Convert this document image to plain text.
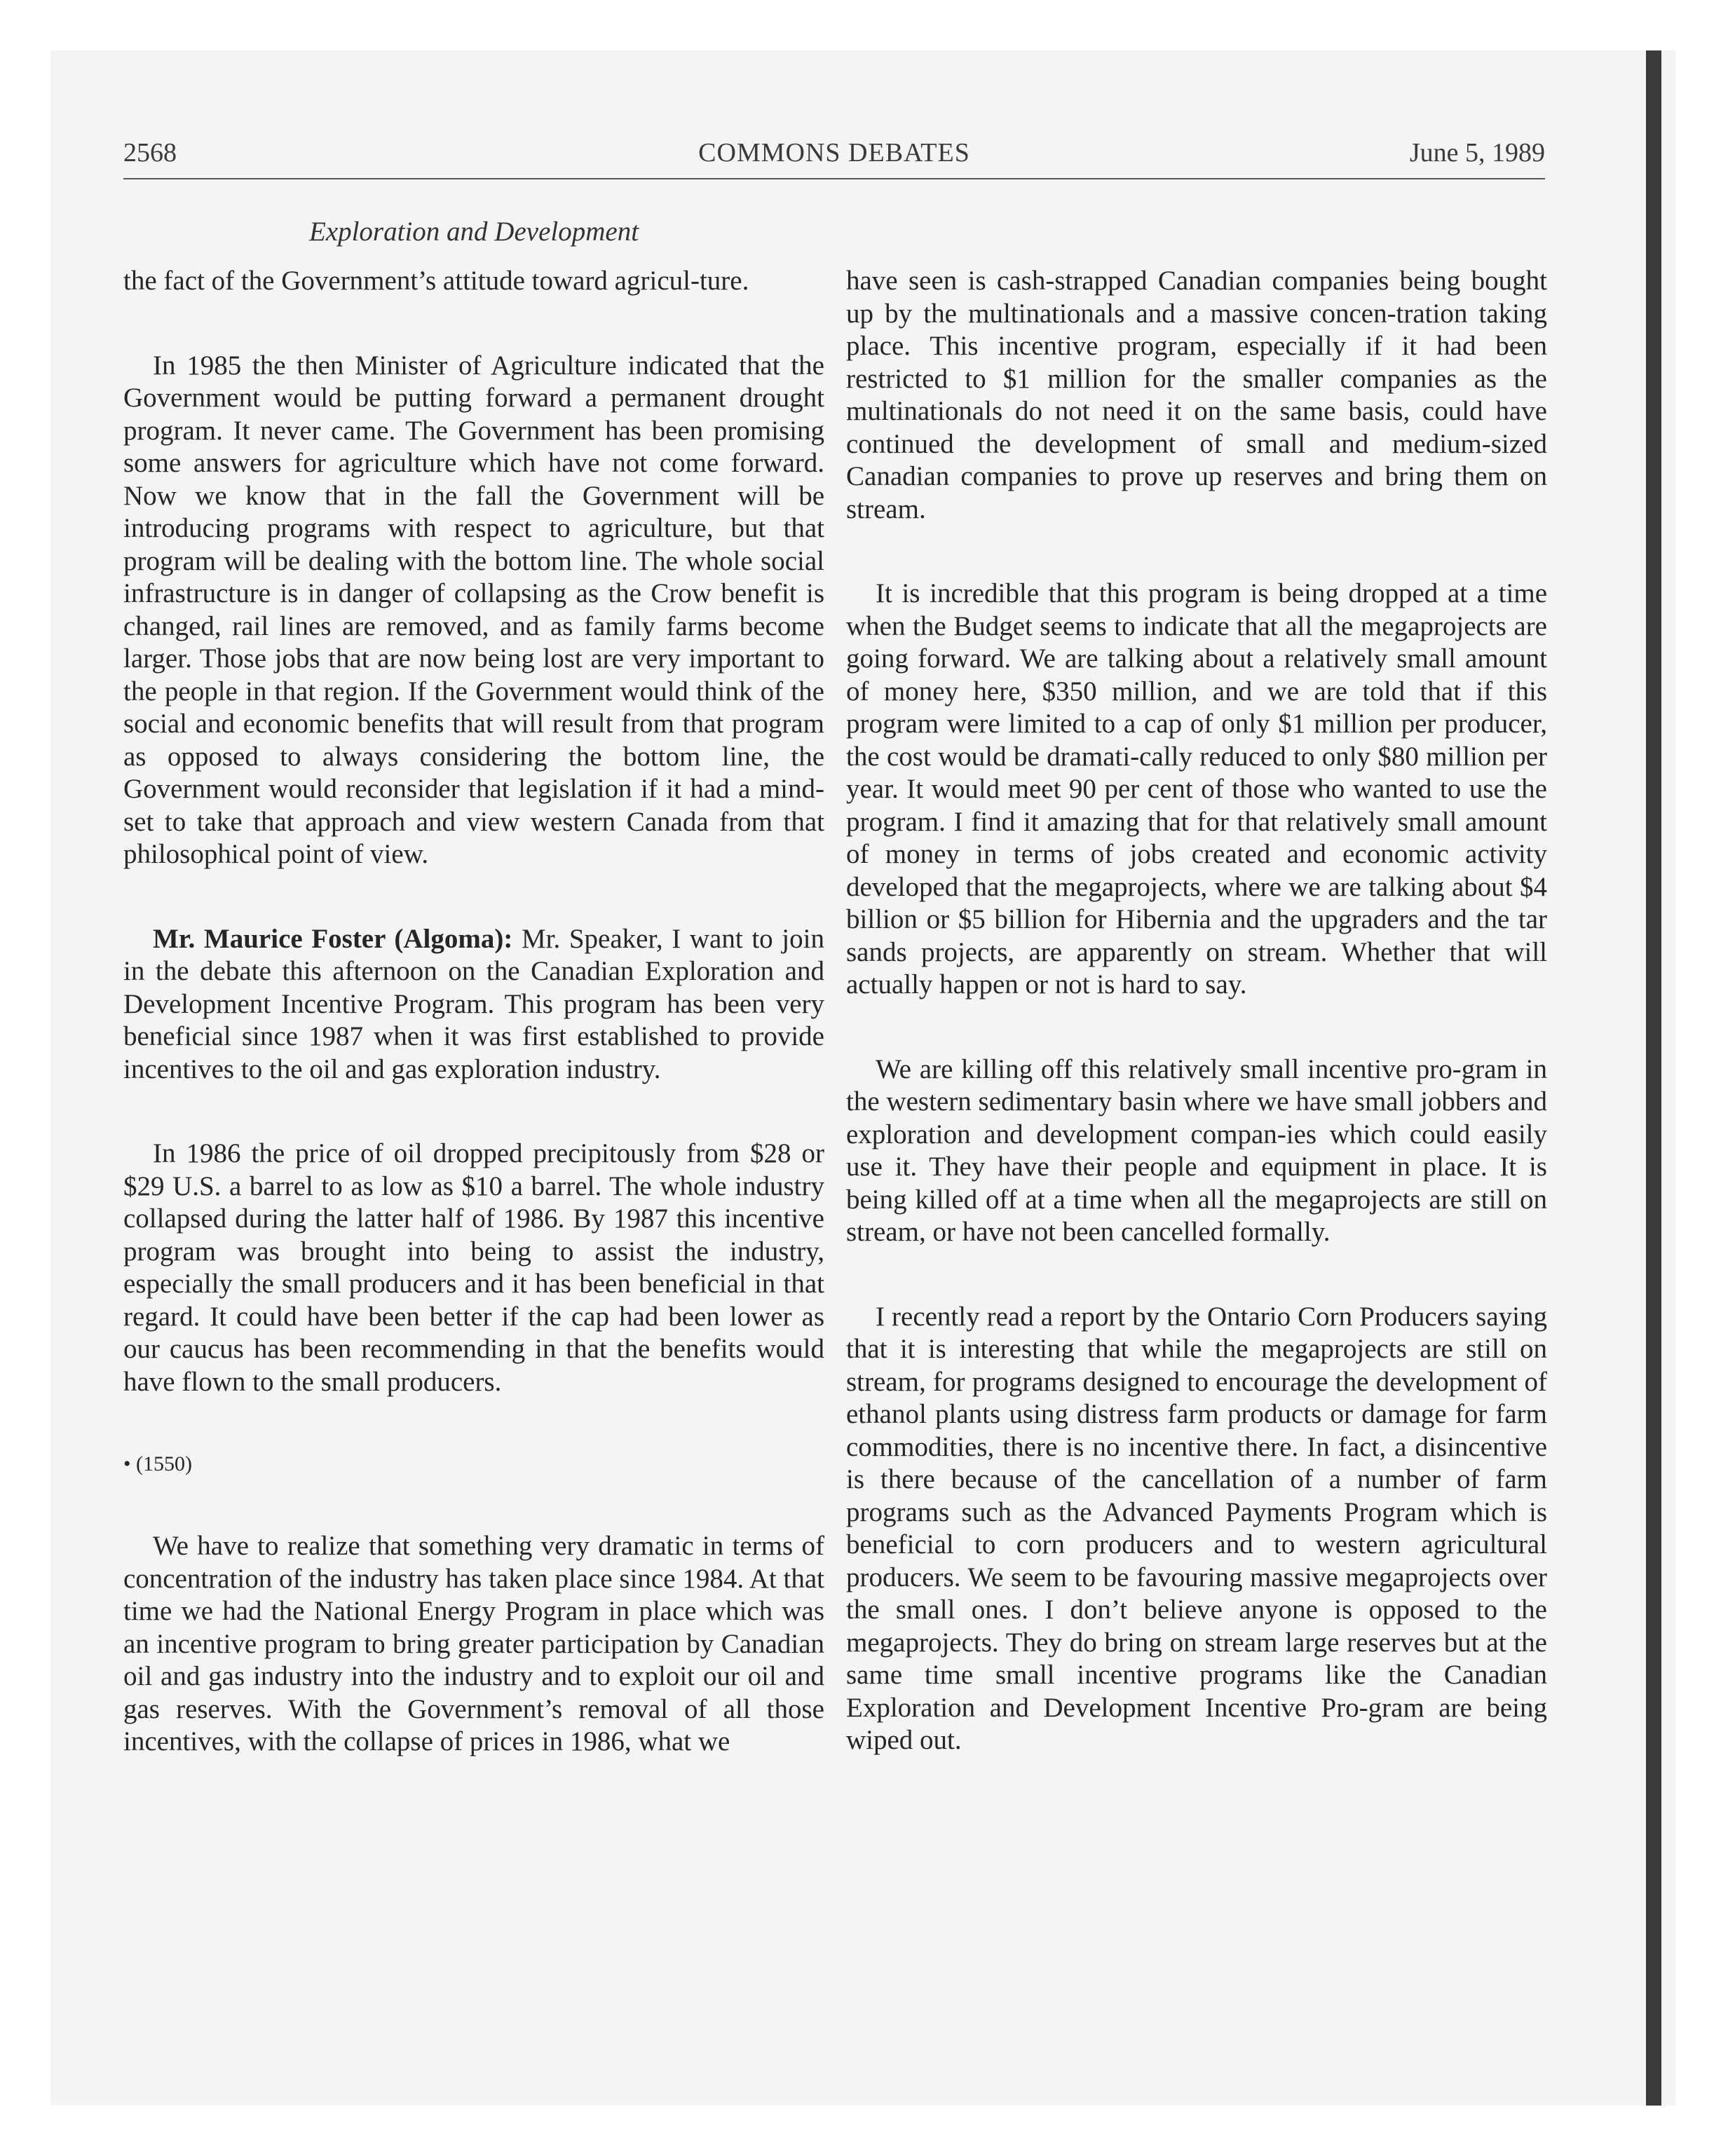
2568	COMMONS DEBATES	June 5, 1989
Exploration and Development

the fact of the Government’s attitude toward agricul-ture.

In 1985 the then Minister of Agriculture indicated that the Government would be putting forward a permanent drought program. It never came. The Government has been promising some answers for agriculture which have not come forward. Now we know that in the fall the Government will be introducing programs with respect to agriculture, but that program will be dealing with the bottom line. The whole social infrastructure is in danger of collapsing as the Crow benefit is changed, rail lines are removed, and as family farms become larger. Those jobs that are now being lost are very important to the people in that region. If the Government would think of the social and economic benefits that will result from that program as opposed to always considering the bottom line, the Government would reconsider that legislation if it had a mind-set to take that approach and view western Canada from that philosophical point of view.

Mr. Maurice Foster (Algoma): Mr. Speaker, I want to join in the debate this afternoon on the Canadian Exploration and Development Incentive Program. This program has been very beneficial since 1987 when it was first established to provide incentives to the oil and gas exploration industry.

In 1986 the price of oil dropped precipitously from $28 or $29 U.S. a barrel to as low as $10 a barrel. The whole industry collapsed during the latter half of 1986. By 1987 this incentive program was brought into being to assist the industry, especially the small producers and it has been beneficial in that regard. It could have been better if the cap had been lower as our caucus has been recommending in that the benefits would have flown to the small producers.

• (1550)

We have to realize that something very dramatic in terms of concentration of the industry has taken place since 1984. At that time we had the National Energy Program in place which was an incentive program to bring greater participation by Canadian oil and gas industry into the industry and to exploit our oil and gas reserves. With the Government’s removal of all those incentives, with the collapse of prices in 1986, what we

have seen is cash-strapped Canadian companies being bought up by the multinationals and a massive concen-tration taking place. This incentive program, especially if it had been restricted to $1 million for the smaller companies as the multinationals do not need it on the same basis, could have continued the development of small and medium-sized Canadian companies to prove up reserves and bring them on stream.

It is incredible that this program is being dropped at a time when the Budget seems to indicate that all the megaprojects are going forward. We are talking about a relatively small amount of money here, $350 million, and we are told that if this program were limited to a cap of only $1 million per producer, the cost would be dramati-cally reduced to only $80 million per year. It would meet 90 per cent of those who wanted to use the program. I find it amazing that for that relatively small amount of money in terms of jobs created and economic activity developed that the megaprojects, where we are talking about $4 billion or $5 billion for Hibernia and the upgraders and the tar sands projects, are apparently on stream. Whether that will actually happen or not is hard to say.

We are killing off this relatively small incentive pro-gram in the western sedimentary basin where we have small jobbers and exploration and development compan-ies which could easily use it. They have their people and equipment in place. It is being killed off at a time when all the megaprojects are still on stream, or have not been cancelled formally.

I recently read a report by the Ontario Corn Producers saying that it is interesting that while the megaprojects are still on stream, for programs designed to encourage the development of ethanol plants using distress farm products or damage for farm commodities, there is no incentive there. In fact, a disincentive is there because of the cancellation of a number of farm programs such as the Advanced Payments Program which is beneficial to corn producers and to western agricultural producers. We seem to be favouring massive megaprojects over the small ones. I don’t believe anyone is opposed to the megaprojects. They do bring on stream large reserves but at the same time small incentive programs like the Canadian Exploration and Development Incentive Pro-gram are being wiped out.
